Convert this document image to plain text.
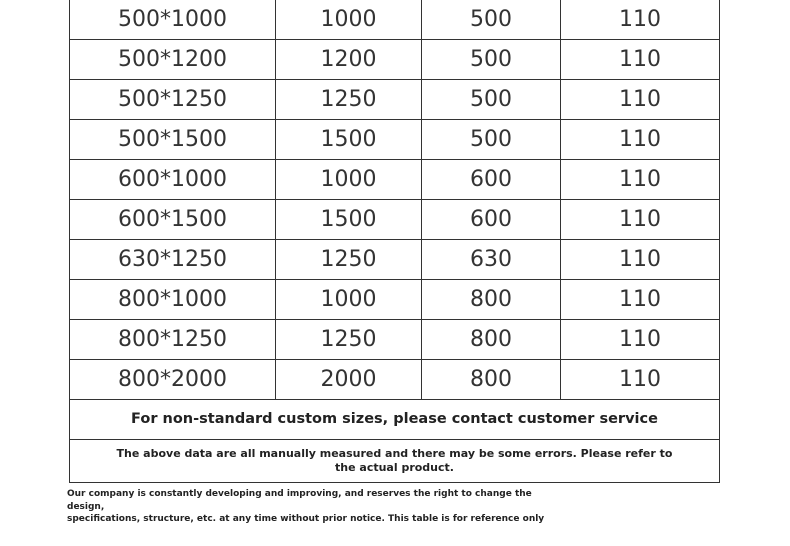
500*1000	1000	500	110
500*1200	1200	500	110
500*1250	1250	500	110
500*1500	1500	500	110
600*1000	1000	600	110
600*1500	1500	600	110
630*1250	1250	630	110
800*1000	1000	800	110
800*1250	1250	800	110
800*2000	2000	800	110
For non-standard custom sizes, please contact customer service			
The above data are all manually measured and there may be some errors. Please refer to the actual product.			

Our company is constantly developing and improving, and reserves the right to change the design,
specifications, structure, etc. at any time without prior notice. This table is for reference only
